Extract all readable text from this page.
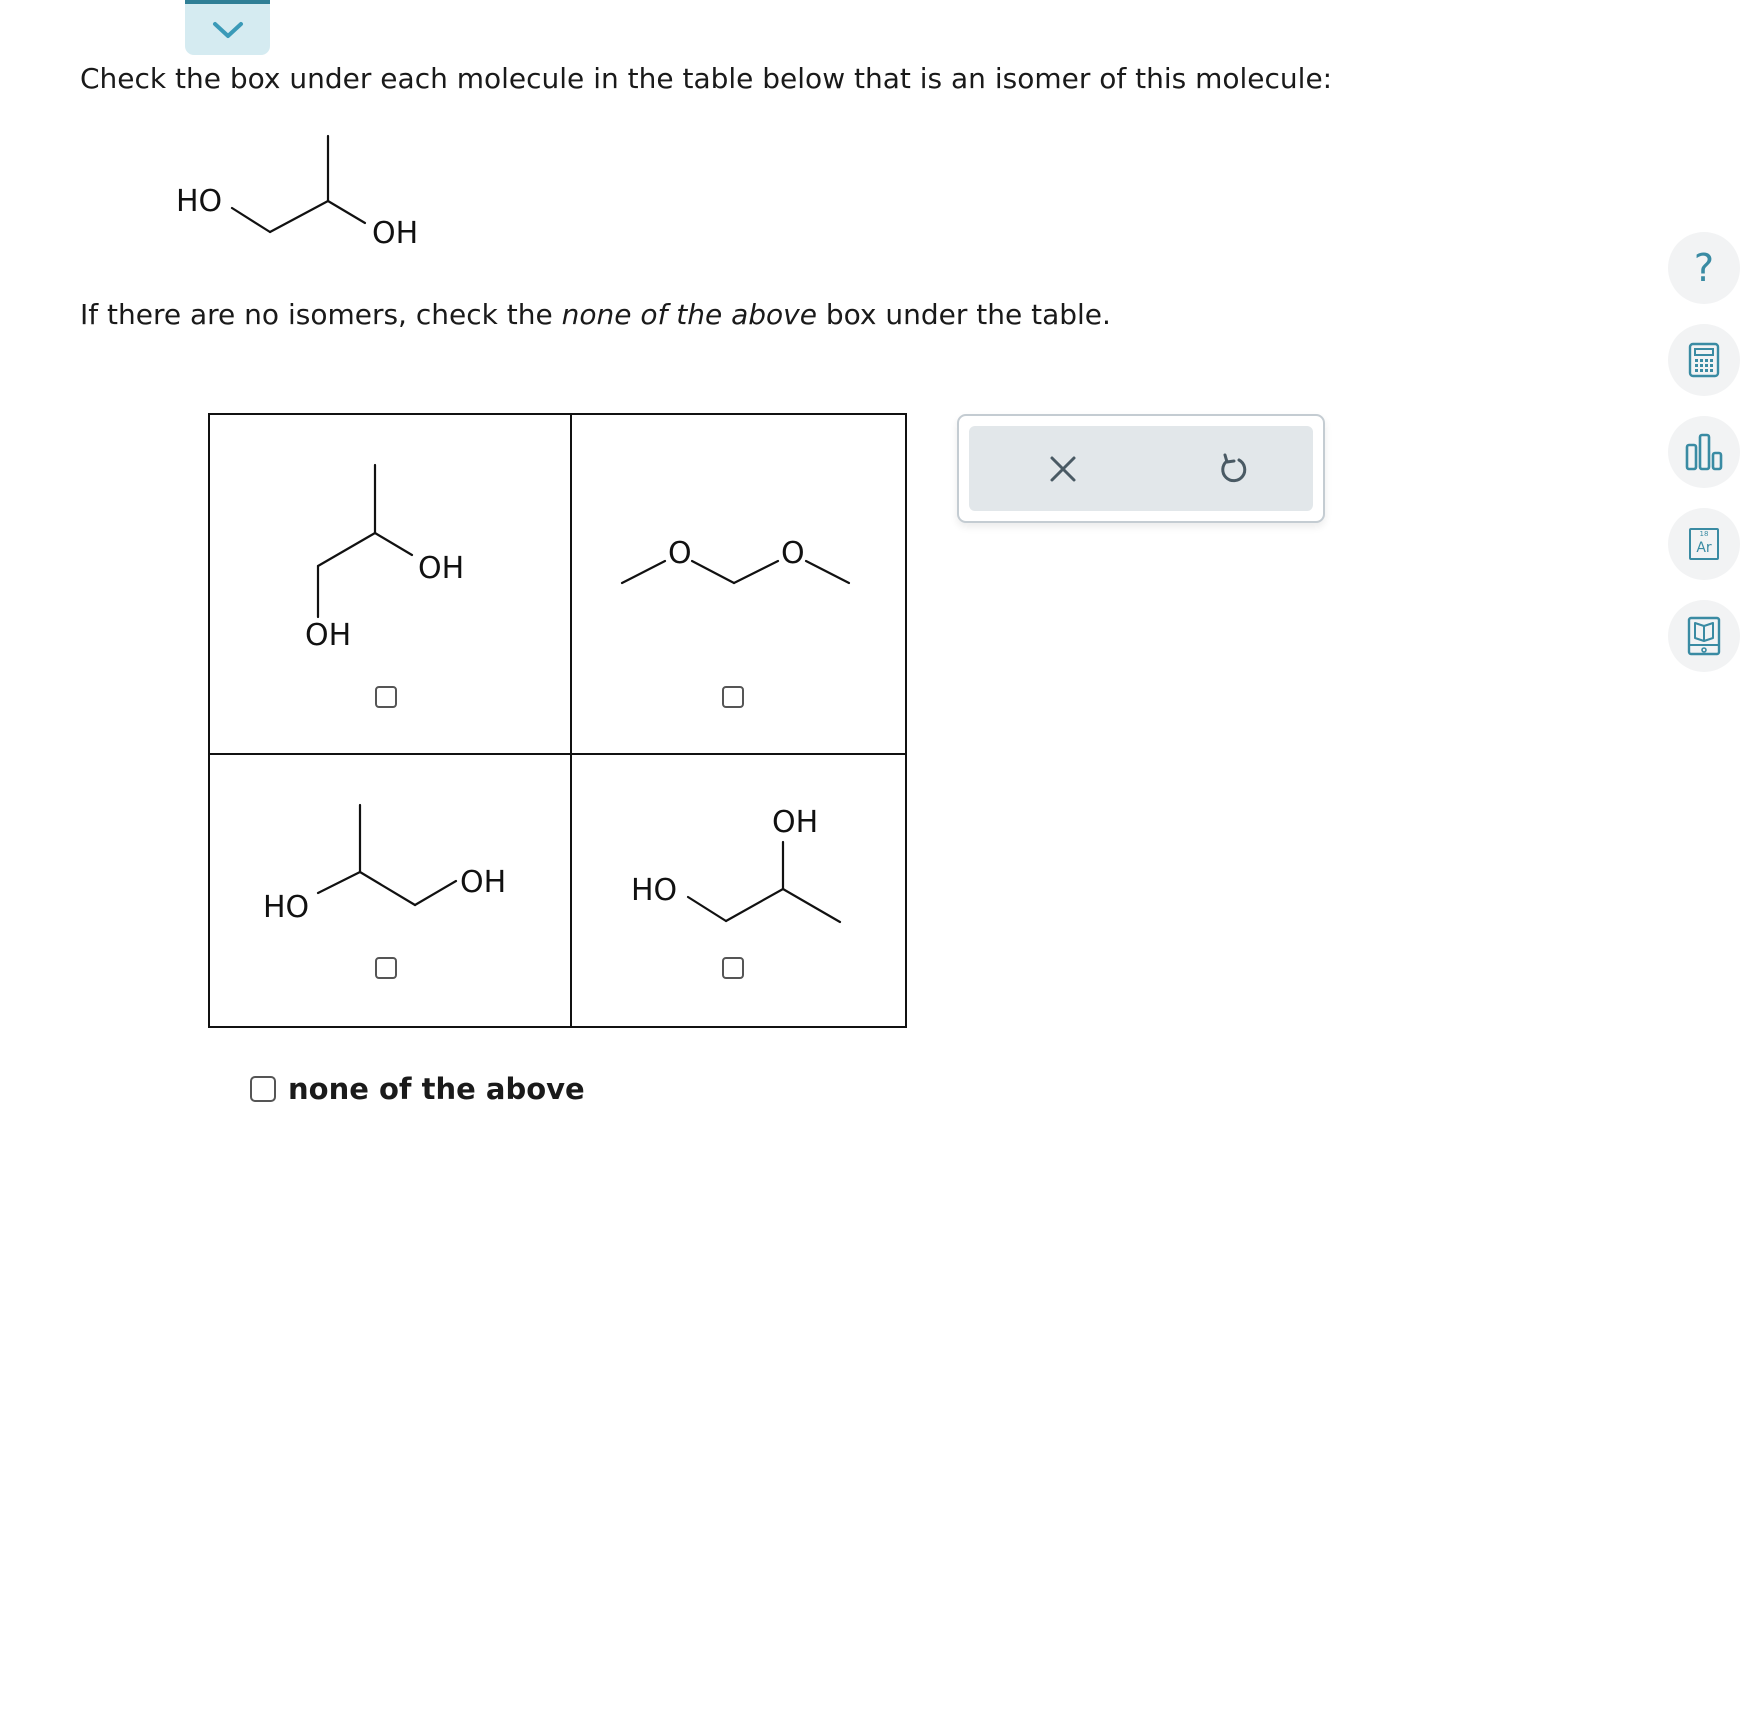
Check the box under each molecule in the table below that is an isomer of this molecule:
HO
OH
If there are no isomers, check the none of the above box under the table.
OH
OH
O	O
HO
OH	HO
OH
none of the above
?
18
Ar
